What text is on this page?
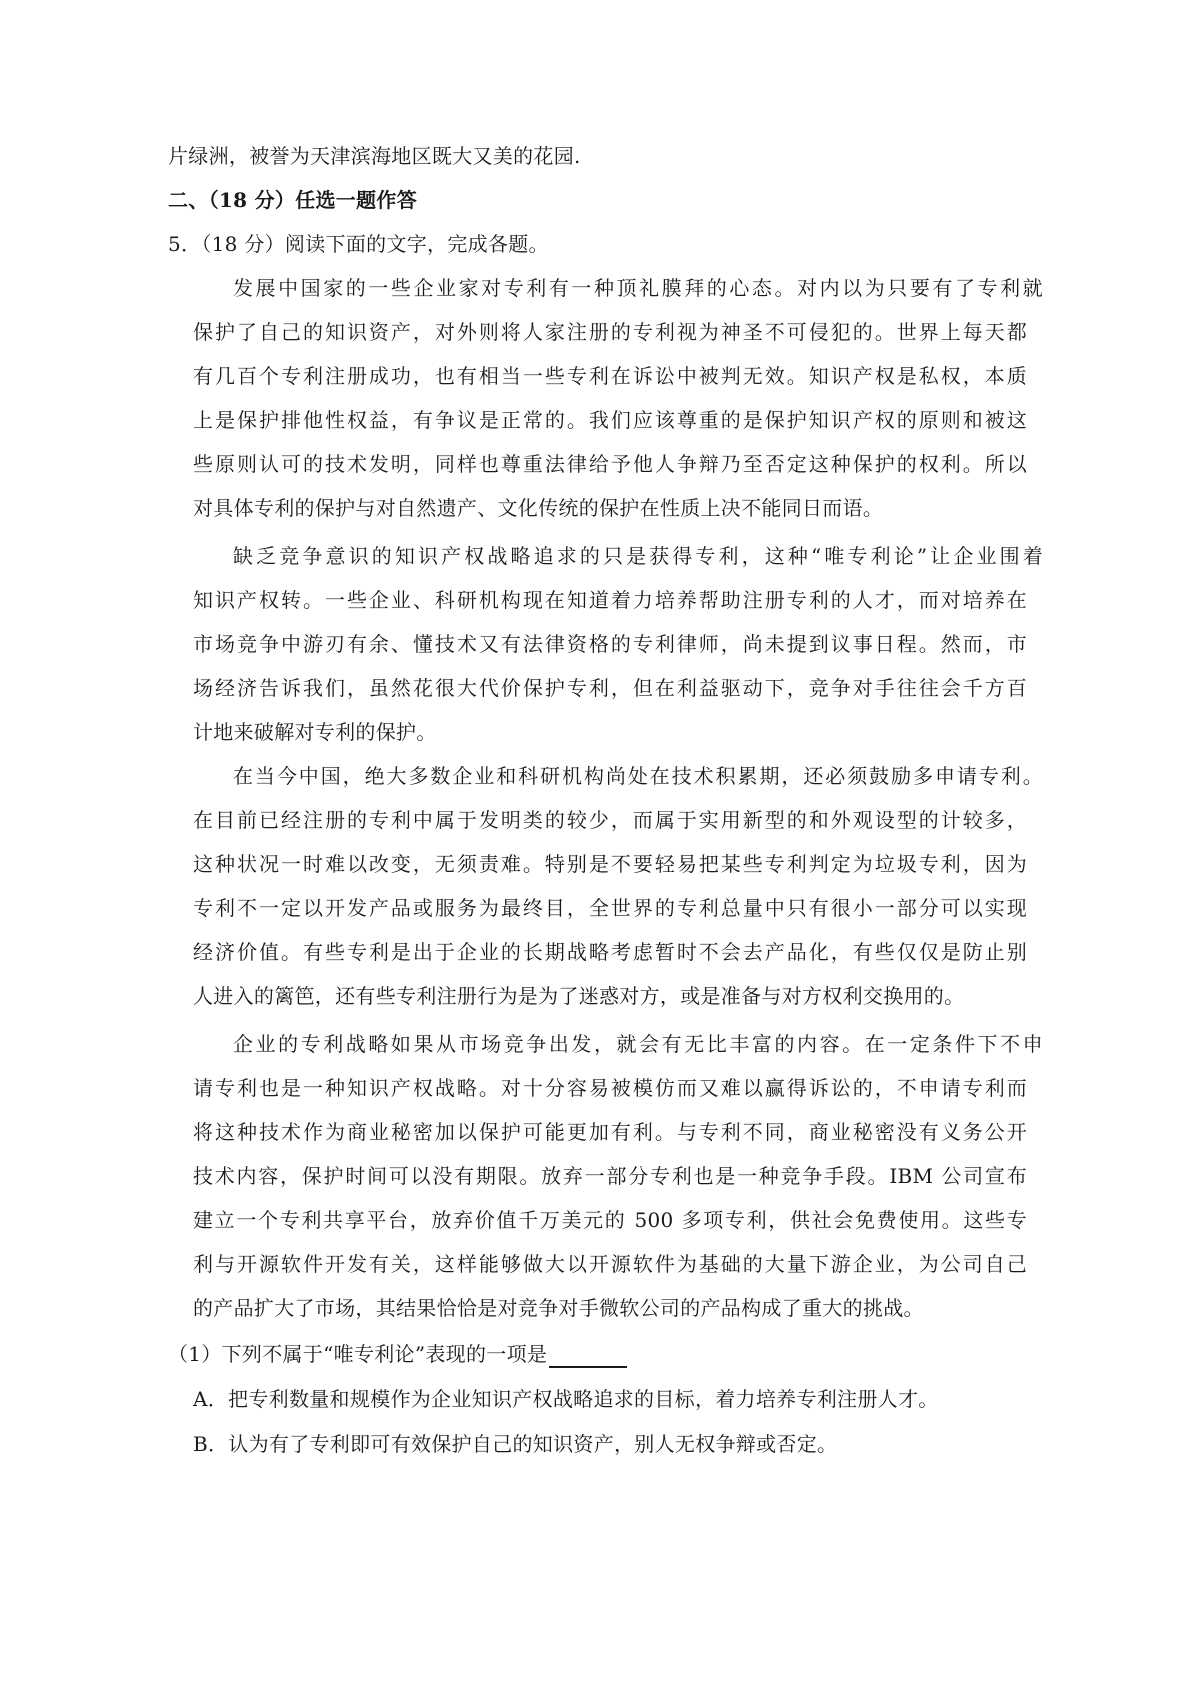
片绿洲，被誉为天津滨海地区既大又美的花园.
二、（18 分）任选一题作答
5．（18 分）阅读下面的文字，完成各题。
发展中国家的一些企业家对专利有一种顶礼膜拜的心态。对内以为只要有了专利就
保护了自己的知识资产，对外则将人家注册的专利视为神圣不可侵犯的。世界上每天都
有几百个专利注册成功，也有相当一些专利在诉讼中被判无效。知识产权是私权，本质
上是保护排他性权益，有争议是正常的。我们应该尊重的是保护知识产权的原则和被这
些原则认可的技术发明，同样也尊重法律给予他人争辩乃至否定这种保护的权利。所以
对具体专利的保护与对自然遗产、文化传统的保护在性质上决不能同日而语。
缺乏竞争意识的知识产权战略追求的只是获得专利，这种“唯专利论”让企业围着
知识产权转。一些企业、科研机构现在知道着力培养帮助注册专利的人才，而对培养在
市场竞争中游刃有余、懂技术又有法律资格的专利律师，尚未提到议事日程。然而，市
场经济告诉我们，虽然花很大代价保护专利，但在利益驱动下，竞争对手往往会千方百
计地来破解对专利的保护。
在当今中国，绝大多数企业和科研机构尚处在技术积累期，还必须鼓励多申请专利。
在目前已经注册的专利中属于发明类的较少，而属于实用新型的和外观设型的计较多，
这种状况一时难以改变，无须责难。特别是不要轻易把某些专利判定为垃圾专利，因为
专利不一定以开发产品或服务为最终目，全世界的专利总量中只有很小一部分可以实现
经济价值。有些专利是出于企业的长期战略考虑暂时不会去产品化，有些仅仅是防止别
人进入的篱笆，还有些专利注册行为是为了迷惑对方，或是准备与对方权利交换用的。
企业的专利战略如果从市场竞争出发，就会有无比丰富的内容。在一定条件下不申
请专利也是一种知识产权战略。对十分容易被模仿而又难以赢得诉讼的，不申请专利而
将这种技术作为商业秘密加以保护可能更加有利。与专利不同，商业秘密没有义务公开
技术内容，保护时间可以没有期限。放弃一部分专利也是一种竞争手段。IBM 公司宣布
建立一个专利共享平台，放弃价值千万美元的 500 多项专利，供社会免费使用。这些专
利与开源软件开发有关，这样能够做大以开源软件为基础的大量下游企业，为公司自己
的产品扩大了市场，其结果恰恰是对竞争对手微软公司的产品构成了重大的挑战。
（1）下列不属于“唯专利论”表现的一项是
A．把专利数量和规模作为企业知识产权战略追求的目标，着力培养专利注册人才。
B．认为有了专利即可有效保护自己的知识资产，别人无权争辩或否定。
